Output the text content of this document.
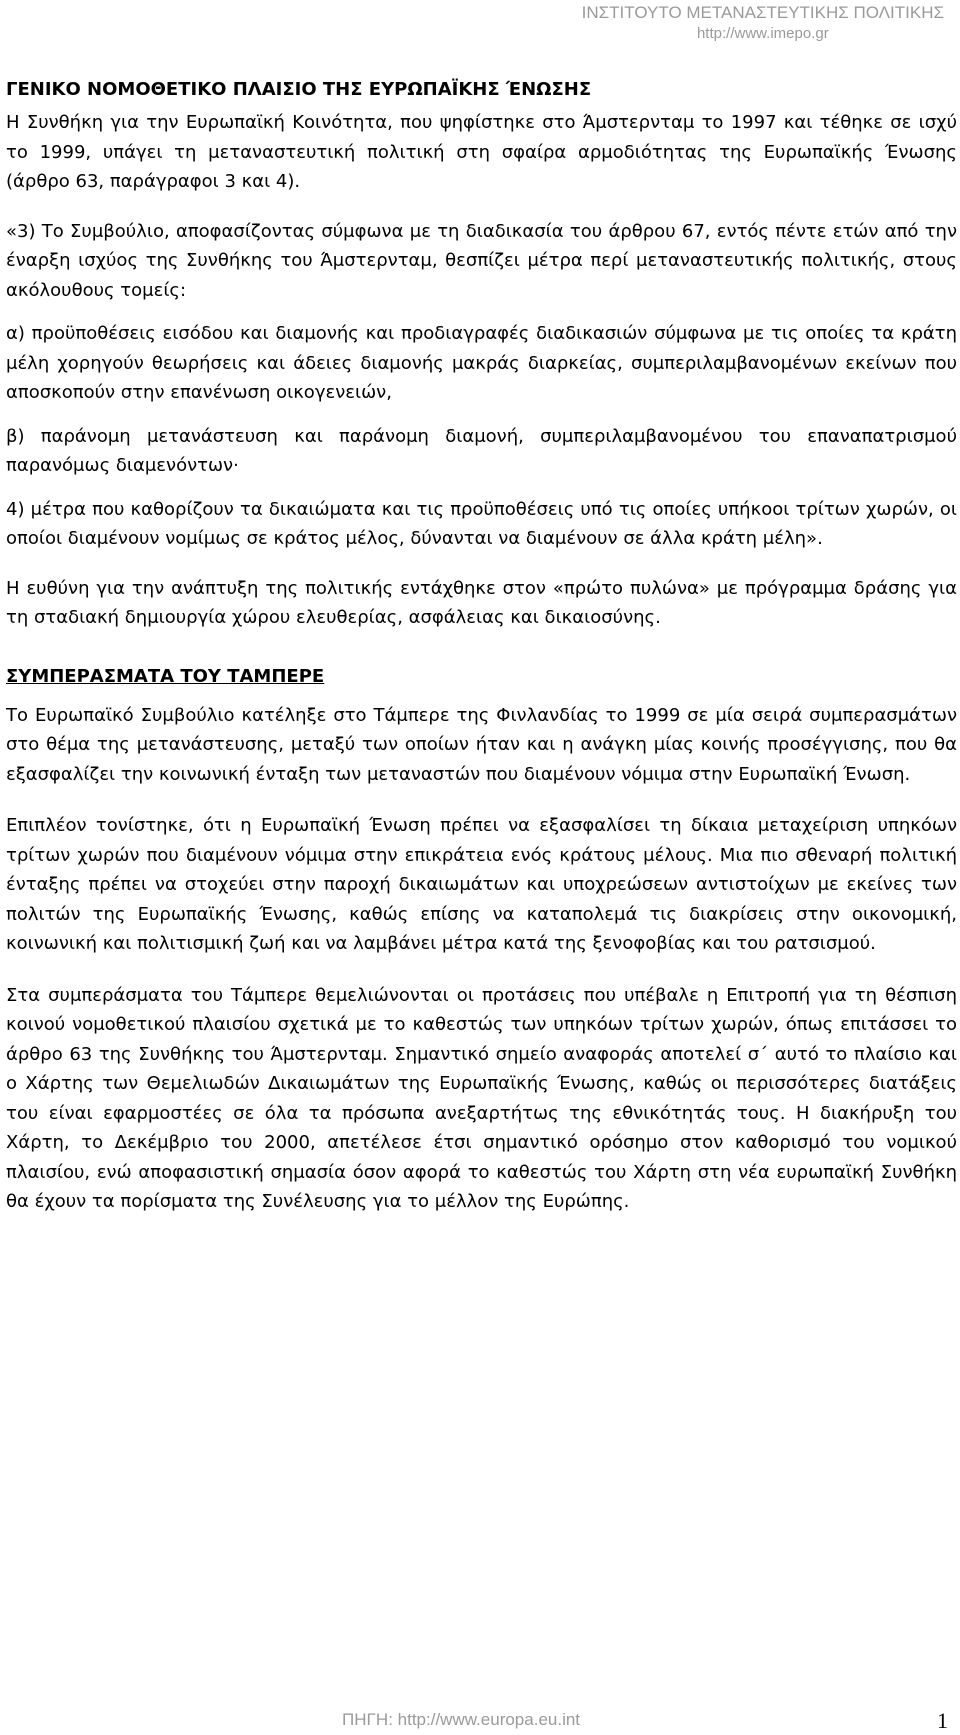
ΙΝΣΤΙΤΟΥΤΟ ΜΕΤΑΝΑΣΤΕΥΤΙΚΗΣ ΠΟΛΙΤΙΚΗΣ
http://www.imepo.gr
ΓΕΝΙΚΟ ΝΟΜΟΘΕΤΙΚΟ ΠΛΑΙΣΙΟ ΤΗΣ ΕΥΡΩΠΑΪΚΗΣ ΈΝΩΣΗΣ

Η Συνθήκη για την Ευρωπαϊκή Κοινότητα, που ψηφίστηκε στο Άμστερνταμ το 1997 και τέθηκε σε ισχύ το 1999, υπάγει τη μεταναστευτική πολιτική στη σφαίρα αρμοδιότητας της Ευρωπαϊκής Ένωσης (άρθρο 63, παράγραφοι 3 και 4).

«3) Το Συμβούλιο, αποφασίζοντας σύμφωνα με τη διαδικασία του άρθρου 67, εντός πέντε ετών από την έναρξη ισχύος της Συνθήκης του Άμστερνταμ, θεσπίζει μέτρα περί μεταναστευτικής πολιτικής, στους ακόλουθους τομείς:

α) προϋποθέσεις εισόδου και διαμονής και προδιαγραφές διαδικασιών σύμφωνα με τις οποίες τα κράτη μέλη χορηγούν θεωρήσεις και άδειες διαμονής μακράς διαρκείας, συμπεριλαμβανομένων εκείνων που αποσκοπούν στην επανένωση οικογενειών,

β) παράνομη μετανάστευση και παράνομη διαμονή, συμπεριλαμβανομένου του επαναπατρισμού παρανόμως διαμενόντων·

4) μέτρα που καθορίζουν τα δικαιώματα και τις προϋποθέσεις υπό τις οποίες υπήκοοι τρίτων χωρών, οι οποίοι διαμένουν νομίμως σε κράτος μέλος, δύνανται να διαμένουν σε άλλα κράτη μέλη».

Η ευθύνη για την ανάπτυξη της πολιτικής εντάχθηκε στον «πρώτο πυλώνα» με πρόγραμμα δράσης για τη σταδιακή δημιουργία χώρου ελευθερίας, ασφάλειας και δικαιοσύνης.

ΣΥΜΠΕΡΑΣΜΑΤΑ ΤΟΥ ΤΑΜΠΕΡΕ

Το Ευρωπαϊκό Συμβούλιο κατέληξε στο Τάμπερε της Φινλανδίας το 1999 σε μία σειρά συμπερασμάτων στο θέμα της μετανάστευσης, μεταξύ των οποίων ήταν και η ανάγκη μίας κοινής προσέγγισης, που θα εξασφαλίζει την κοινωνική ένταξη των μεταναστών που διαμένουν νόμιμα στην Ευρωπαϊκή Ένωση.

Επιπλέον τονίστηκε, ότι η Ευρωπαϊκή Ένωση πρέπει να εξασφαλίσει τη δίκαια μεταχείριση υπηκόων τρίτων χωρών που διαμένουν νόμιμα στην επικράτεια ενός κράτους μέλους. Μια πιο σθεναρή πολιτική ένταξης πρέπει να στοχεύει στην παροχή δικαιωμάτων και υποχρεώσεων αντιστοίχων με εκείνες των πολιτών της Ευρωπαϊκής Ένωσης, καθώς επίσης να καταπολεμά τις διακρίσεις στην οικονομική, κοινωνική και πολιτισμική ζωή και να λαμβάνει μέτρα κατά της ξενοφοβίας και του ρατσισμού.

Στα συμπεράσματα του Τάμπερε θεμελιώνονται οι προτάσεις που υπέβαλε η Επιτροπή για τη θέσπιση κοινού νομοθετικού πλαισίου σχετικά με το καθεστώς των υπηκόων τρίτων χωρών, όπως επιτάσσει το άρθρο 63 της Συνθήκης του Άμστερνταμ. Σημαντικό σημείο αναφοράς αποτελεί σ΄ αυτό το πλαίσιο και ο Χάρτης των Θεμελιωδών Δικαιωμάτων της Ευρωπαϊκής Ένωσης, καθώς οι περισσότερες διατάξεις του είναι εφαρμοστέες σε όλα τα πρόσωπα ανεξαρτήτως της εθνικότητάς τους. Η διακήρυξη του Χάρτη, το Δεκέμβριο του 2000, απετέλεσε έτσι σημαντικό ορόσημο στον καθορισμό του νομικού πλαισίου, ενώ αποφασιστική σημασία όσον αφορά το καθεστώς του Χάρτη στη νέα ευρωπαϊκή Συνθήκη θα έχουν τα πορίσματα της Συνέλευσης για το μέλλον της Ευρώπης.

ΠΗΓΗ: http://www.europa.eu.int	1
